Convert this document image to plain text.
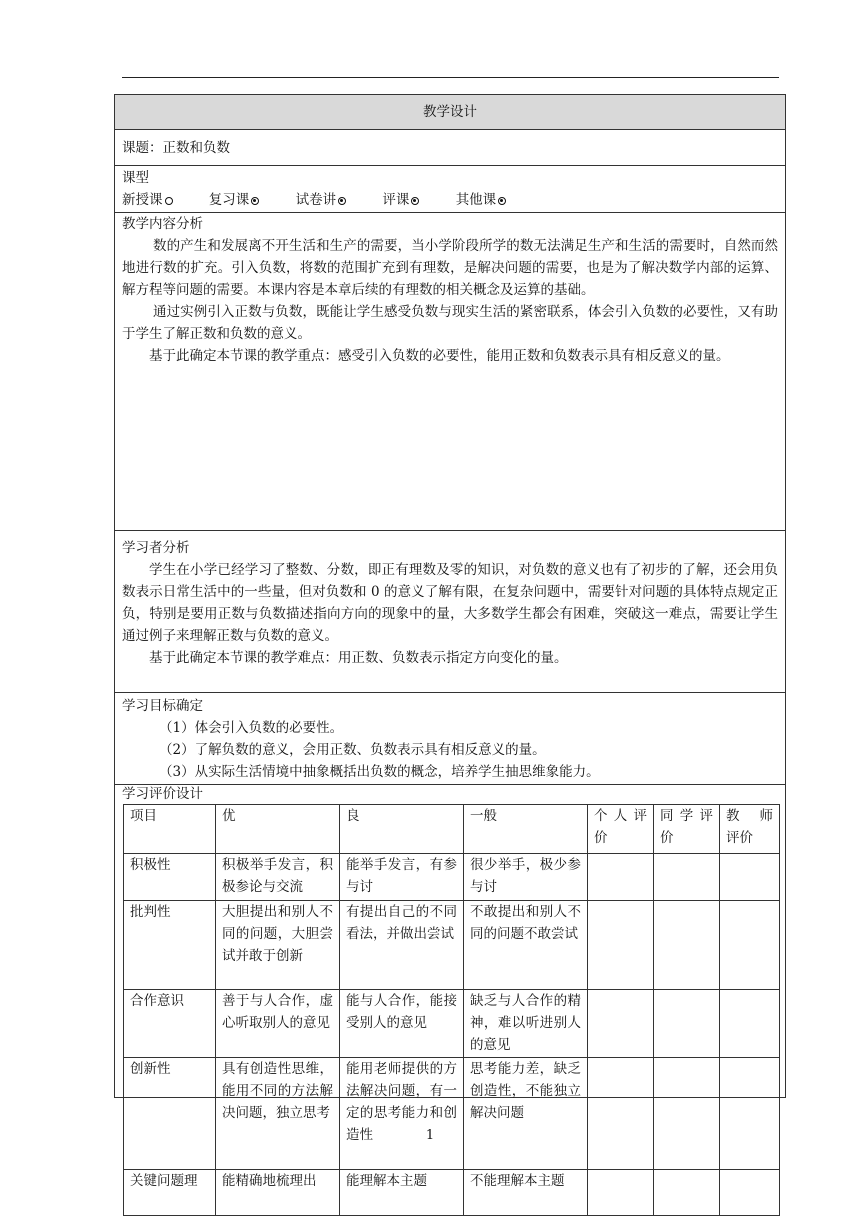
教学设计
课题：正数和负数
课型
新授课	复习课	试卷讲	评课	其他课
教学内容分析
数的产生和发展离不开生活和生产的需要，当小学阶段所学的数无法满足生产和生活的需要时，自然而然地进行数的扩充。引入负数，将数的范围扩充到有理数，是解决问题的需要，也是为了解决数学内部的运算、解方程等问题的需要。本课内容是本章后续的有理数的相关概念及运算的基础。
通过实例引入正数与负数，既能让学生感受负数与现实生活的紧密联系，体会引入负数的必要性，又有助于学生了解正数和负数的意义。
基于此确定本节课的教学重点：感受引入负数的必要性，能用正数和负数表示具有相反意义的量。
学习者分析
学生在小学已经学习了整数、分数，即正有理数及零的知识，对负数的意义也有了初步的了解，还会用负数表示日常生活中的一些量，但对负数和 0 的意义了解有限，在复杂问题中，需要针对问题的具体特点规定正负，特别是要用正数与负数描述指向方向的现象中的量，大多数学生都会有困难，突破这一难点，需要让学生通过例子来理解正数与负数的意义。
基于此确定本节课的教学难点：用正数、负数表示指定方向变化的量。
学习目标确定
（1）体会引入负数的必要性。
（2）了解负数的意义，会用正数、负数表示具有相反意义的量。
（3）从实际生活情境中抽象概括出负数的概念，培养学生抽思维象能力。
学习评价设计
项目	优	良	一般	个人评价	同学评价	教　师评价
积极性	积极举手发言，积极参论与交流	能举手发言，有参与讨	很少举手，极少参与讨			
批判性	大胆提出和别人不同的问题，大胆尝试并敢于创新	有提出自己的不同看法，并做出尝试	不敢提出和别人不同的问题不敢尝试			
合作意识	善于与人合作，虚心听取别人的意见	能与人合作，能接受别人的意见	缺乏与人合作的精神，难以听进别人的意见			
创新性	具有创造性思维，能用不同的方法解决问题，独立思考	能用老师提供的方法解决问题，有一定的思考能力和创造性	思考能力差，缺乏创造性，不能独立解决问题			
关键问题理	能精确地梳理出	能理解本主题	不能理解本主题			
1
